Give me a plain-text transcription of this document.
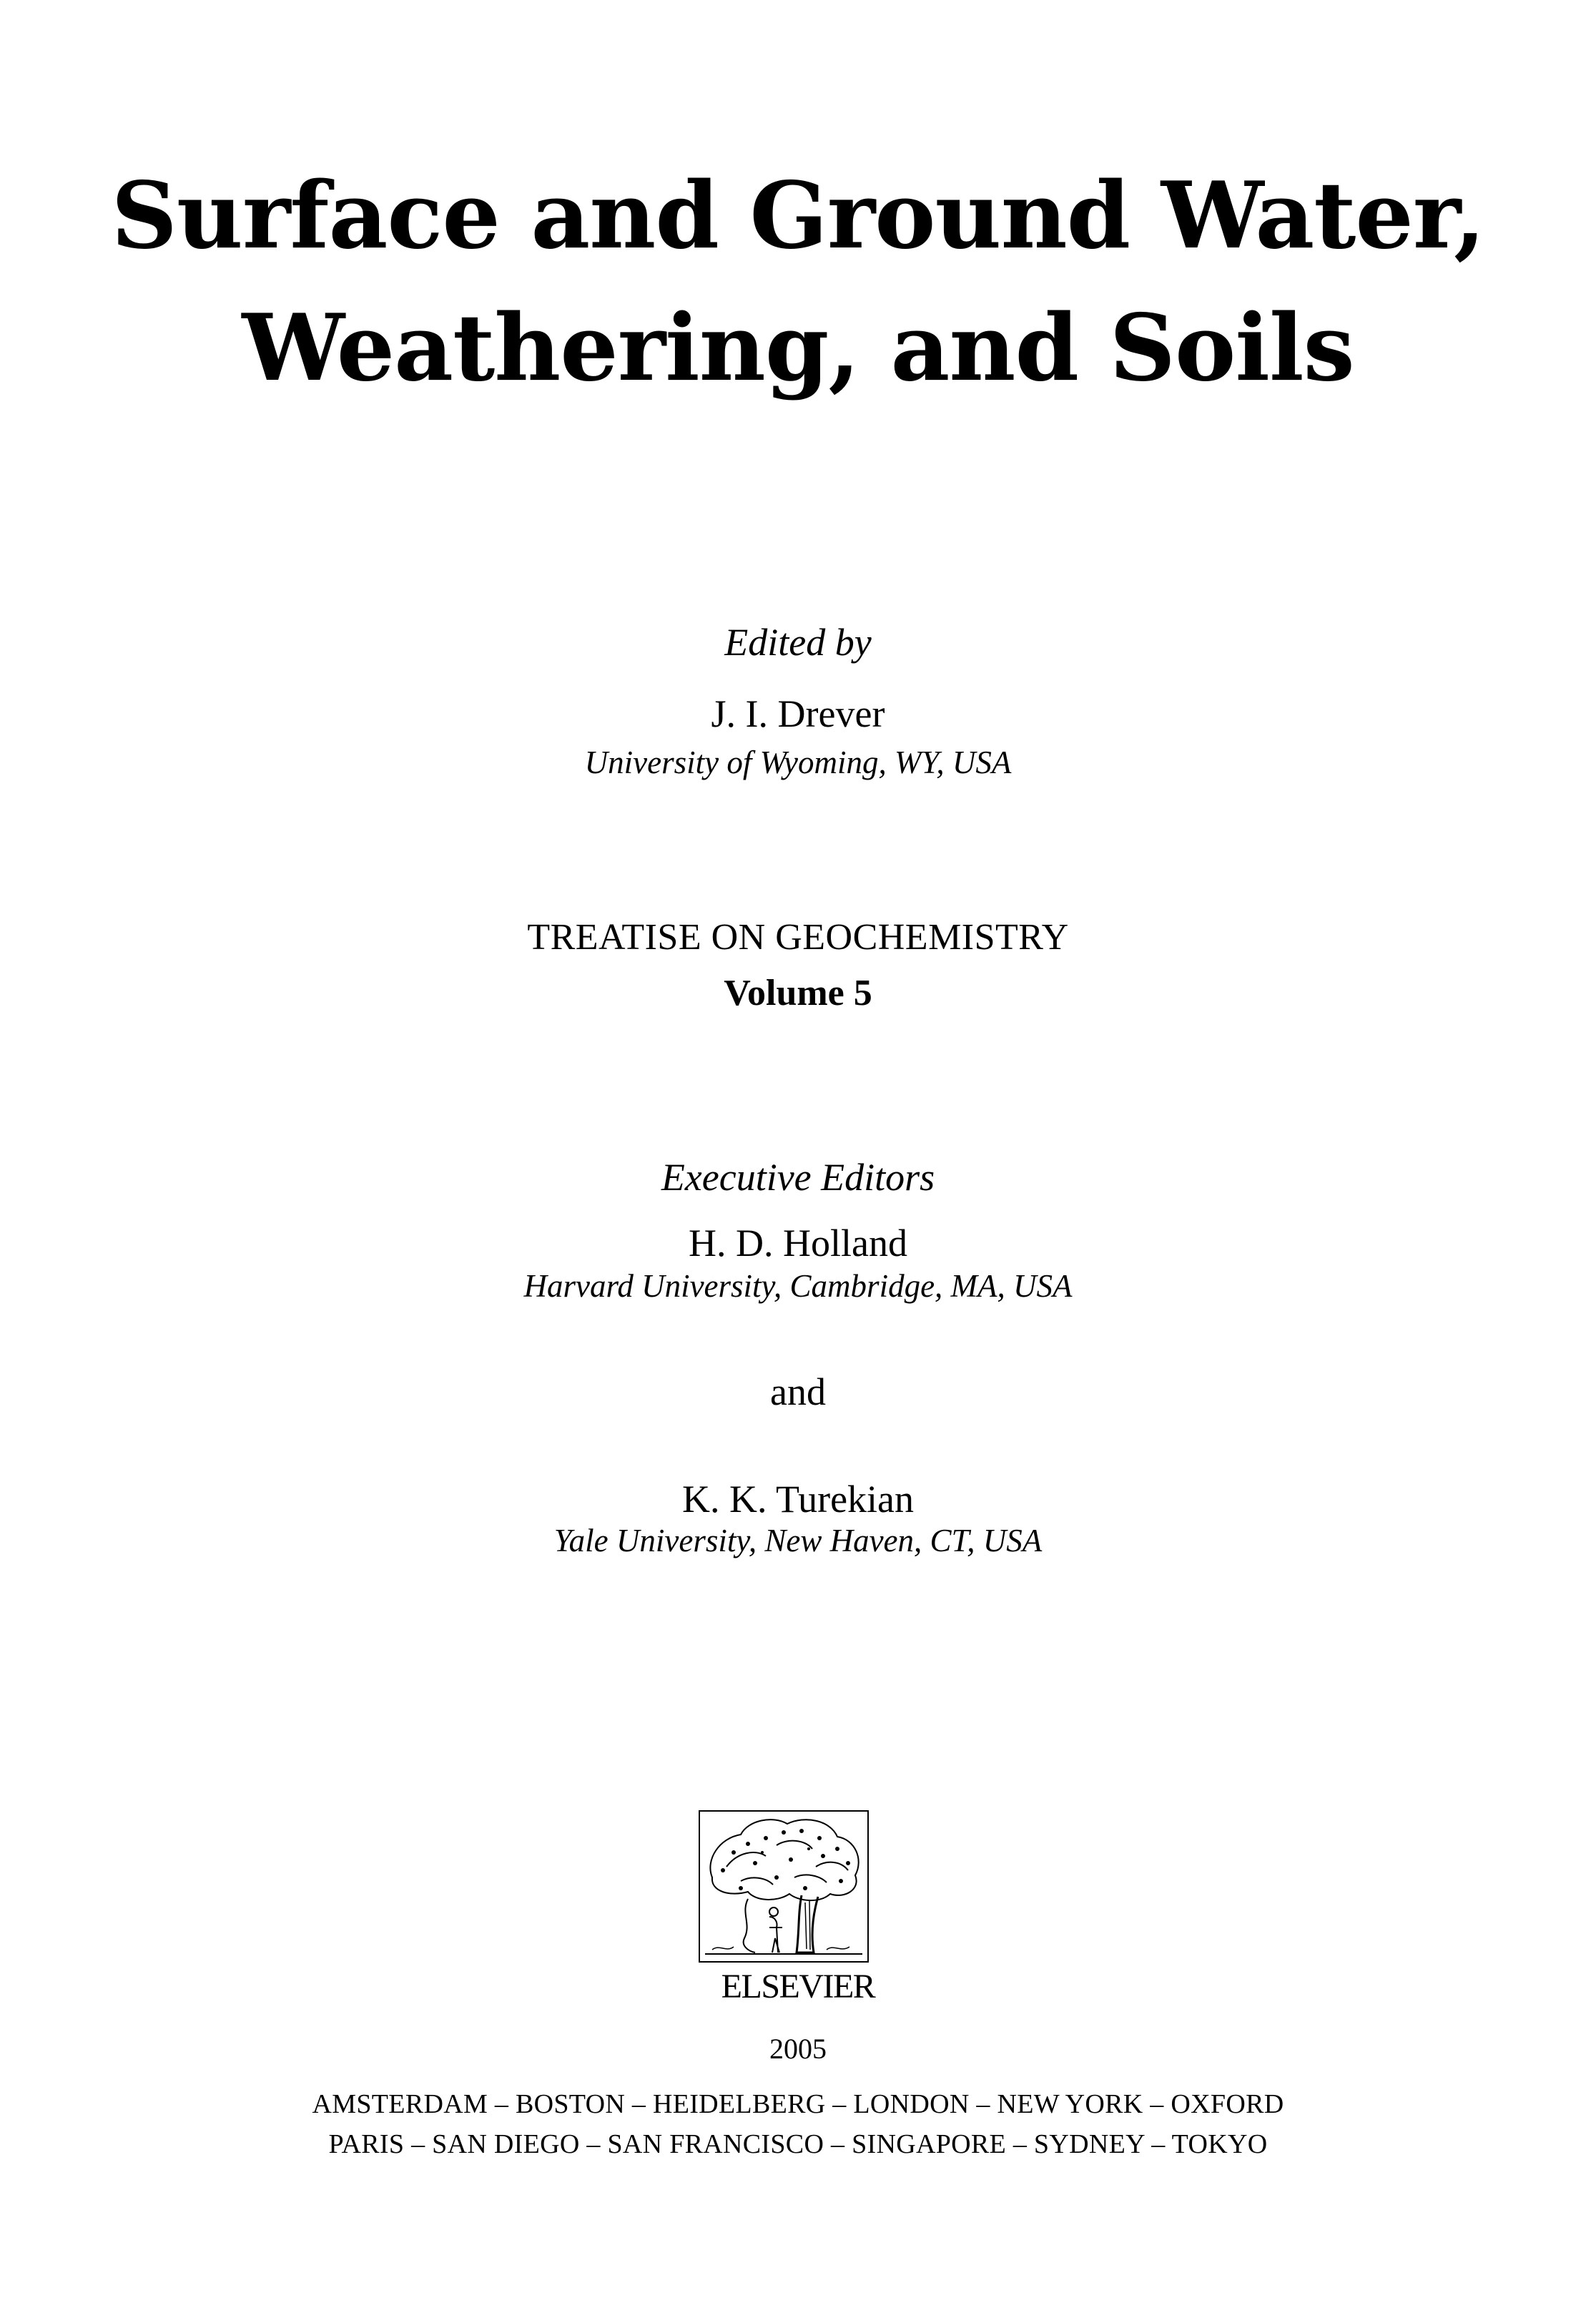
Surface and Ground Water,
Weathering, and Soils
Edited by
J. I. Drever
University of Wyoming, WY, USA
TREATISE ON GEOCHEMISTRY
Volume 5
Executive Editors
H. D. Holland
Harvard University, Cambridge, MA, USA
and
K. K. Turekian
Yale University, New Haven, CT, USA
ELSEVIER
2005
AMSTERDAM – BOSTON – HEIDELBERG – LONDON – NEW YORK – OXFORD
PARIS – SAN DIEGO – SAN FRANCISCO – SINGAPORE – SYDNEY – TOKYO
